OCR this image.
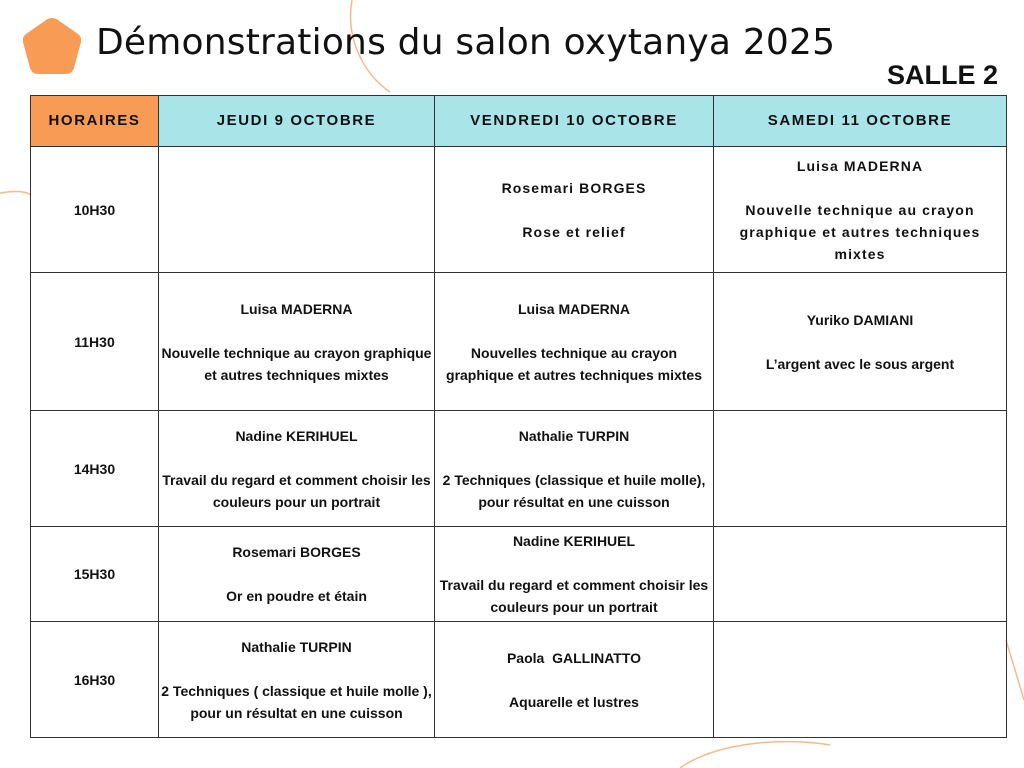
Démonstrations du salon oxytanya 2025
SALLE 2
HORAIRES	JEUDI 9 OCTOBRE	VENDREDI 10 OCTOBRE	SAMEDI 11 OCTOBRE
10H30		Rosemari BORGES
Rose et relief	Luisa MADERNA
Nouvelle technique au crayon graphique et autres techniques mixtes

11H30	Luisa MADERNA
Nouvelle technique au crayon graphique et autres techniques mixtes	Luisa MADERNA
Nouvelles technique au crayon graphique et autres techniques mixtes	Yuriko DAMIANI
L’argent avec le sous argent

14H30	Nadine KERIHUEL
Travail du regard et comment choisir les couleurs pour un portrait	Nathalie TURPIN
2 Techniques (classique et huile molle), pour résultat en une cuisson	

15H30	Rosemari BORGES
Or en poudre et étain	Nadine KERIHUEL
Travail du regard et comment choisir les couleurs pour un portrait	

16H30	Nathalie TURPIN
2 Techniques ( classique et huile molle ), pour un résultat en une cuisson	Paola  GALLINATTO
Aquarelle et lustres	
